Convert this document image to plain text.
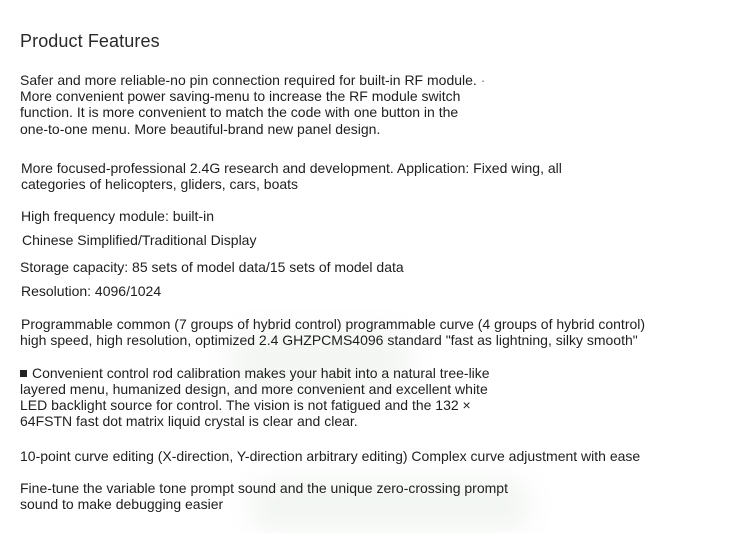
Product Features
Safer and more reliable-no pin connection required for built-in RF module. ·
More convenient power saving-menu to increase the RF module switch
function. It is more convenient to match the code with one button in the
one-to-one menu. More beautiful-brand new panel design.
More focused-professional 2.4G research and development. Application: Fixed wing, all
categories of helicopters, gliders, cars, boats
High frequency module: built-in
Chinese Simplified/Traditional Display
Storage capacity: 85 sets of model data/15 sets of model data
Resolution: 4096/1024
Programmable common (7 groups of hybrid control) programmable curve (4 groups of hybrid control)
high speed, high resolution, optimized 2.4 GHZPCMS4096 standard "fast as lightning, silky smooth"
Convenient control rod calibration makes your habit into a natural tree-like
layered menu, humanized design, and more convenient and excellent white
LED backlight source for control. The vision is not fatigued and the 132 ×
64FSTN fast dot matrix liquid crystal is clear and clear.
10-point curve editing (X-direction, Y-direction arbitrary editing) Complex curve adjustment with ease
Fine-tune the variable tone prompt sound and the unique zero-crossing prompt
sound to make debugging easier
